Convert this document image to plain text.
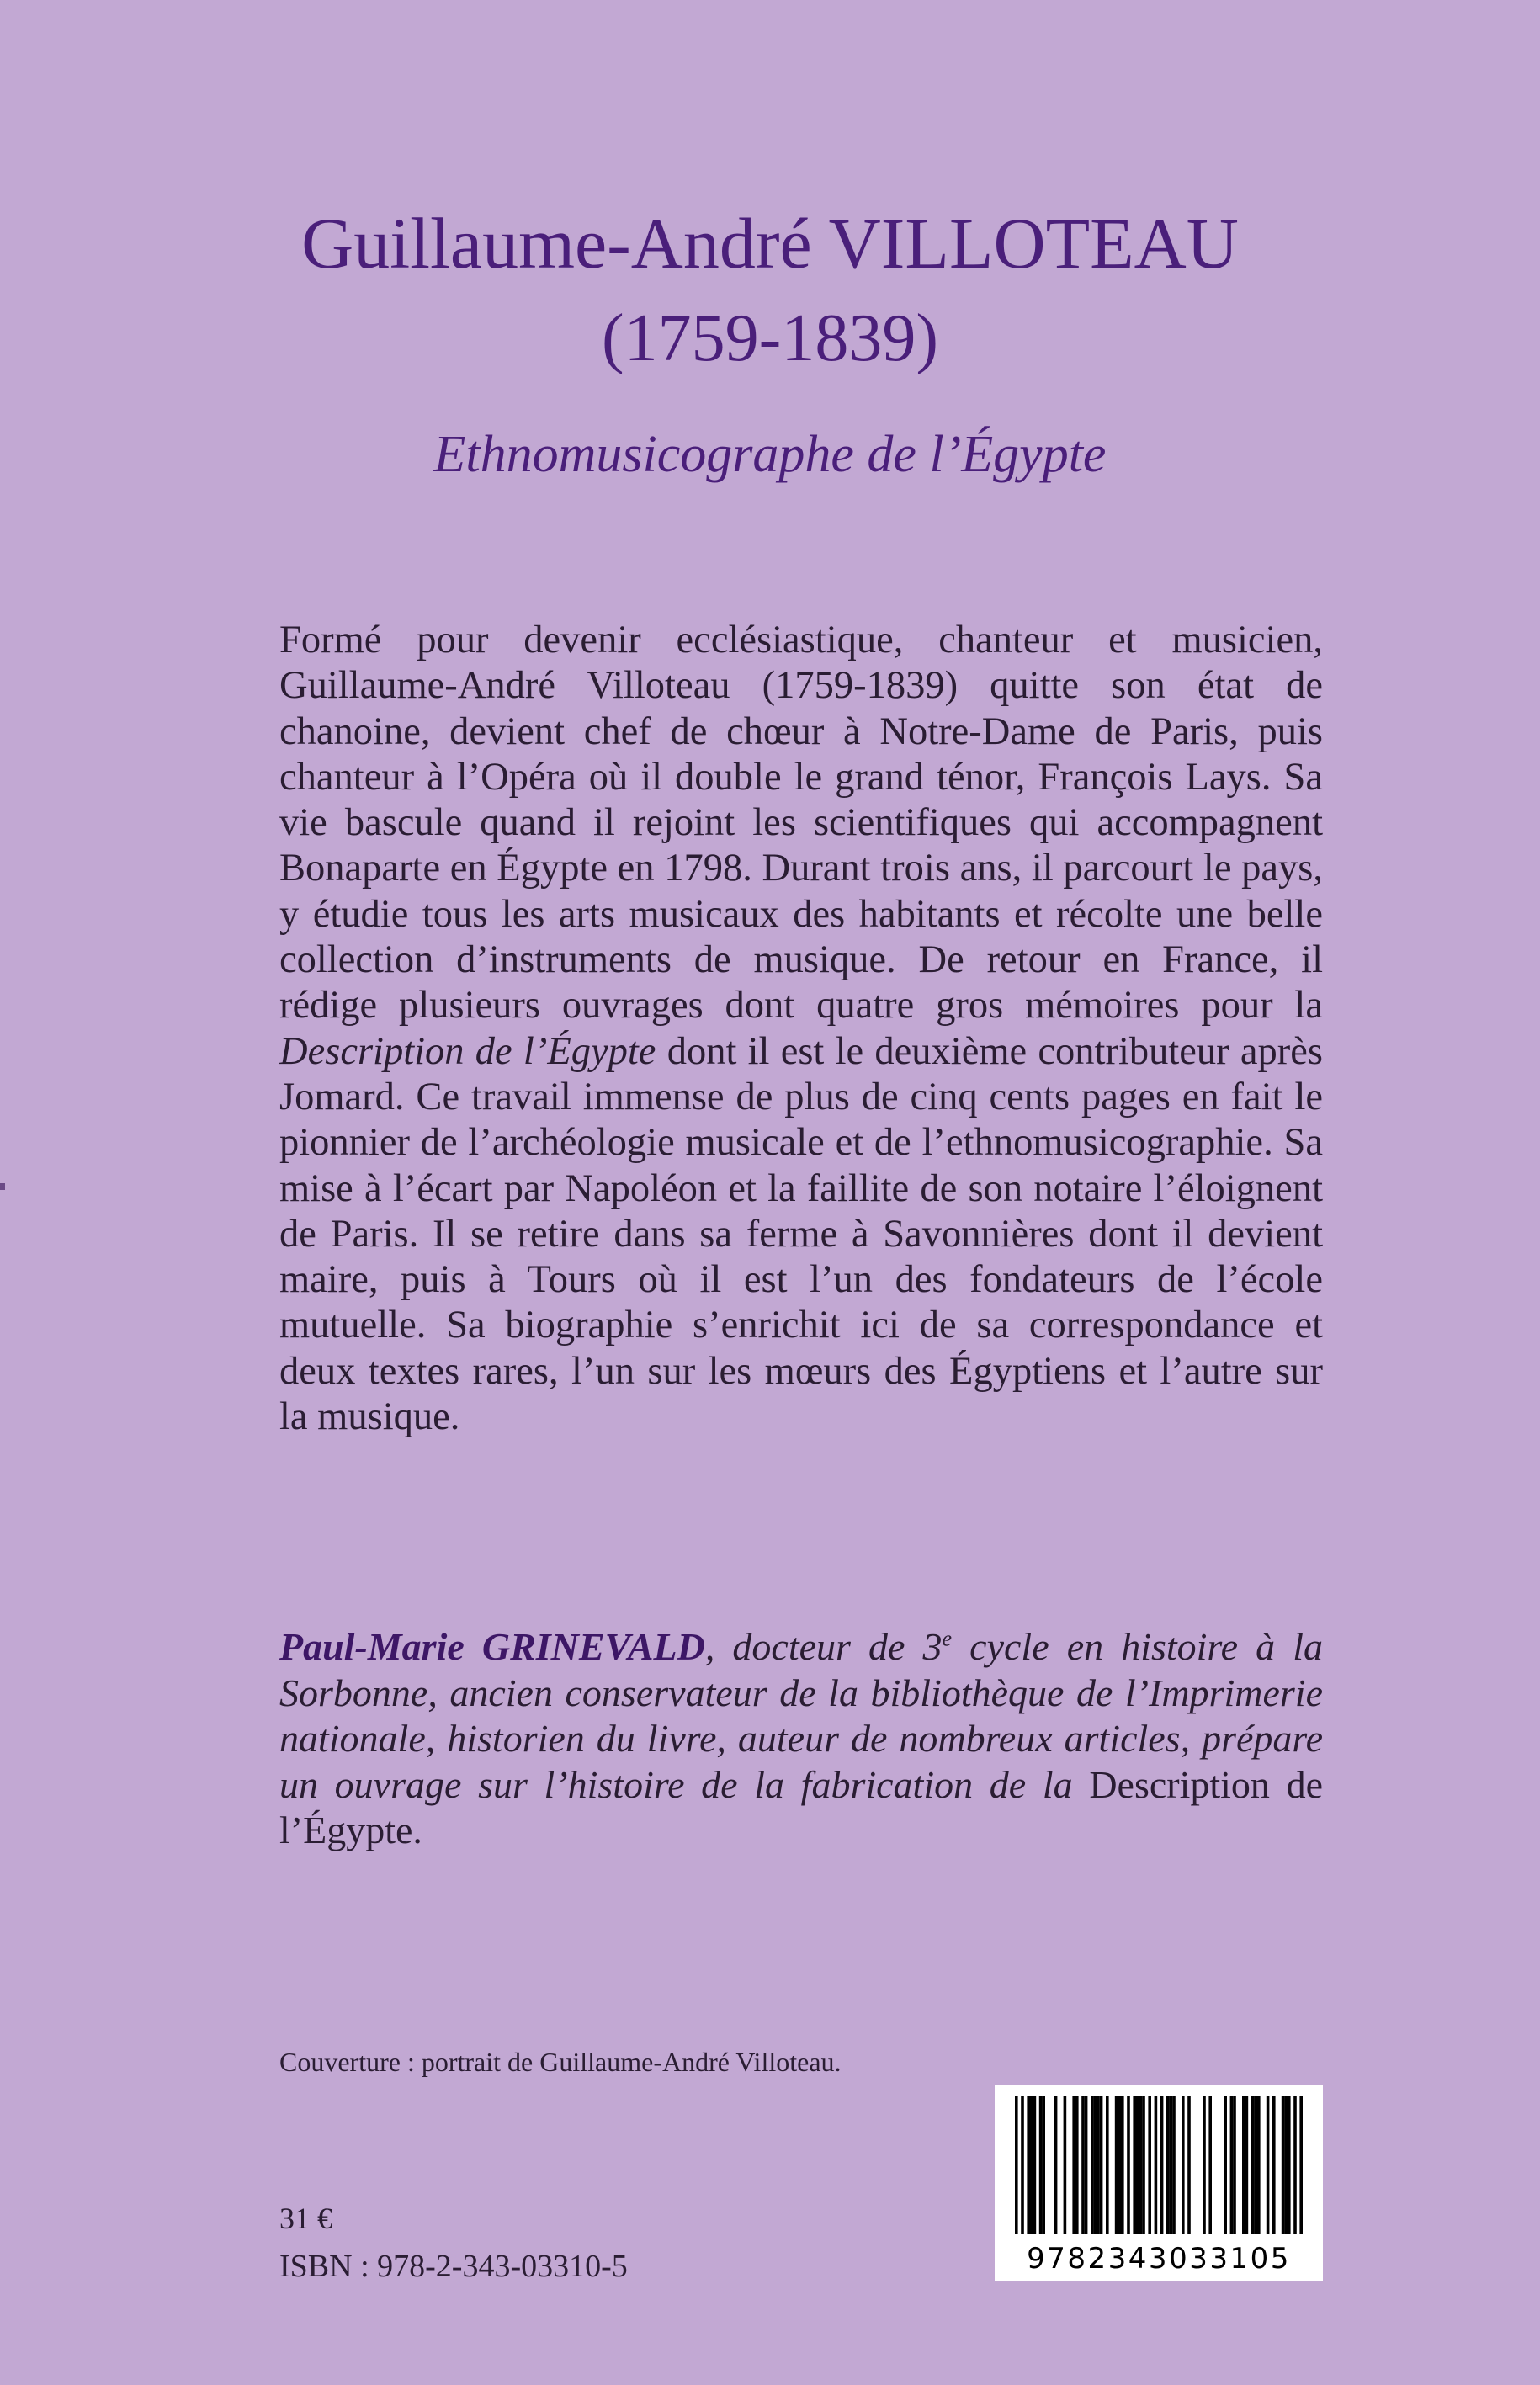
Guillaume-André VILLOTEAU
(1759-1839)
Ethnomusicographe de l’Égypte
Formé pour devenir ecclésiastique, chanteur et musicien, Guillaume-André Villoteau (1759-1839) quitte son état de chanoine, devient chef de chœur à Notre-Dame de Paris, puis chanteur à l’Opéra où il double le grand ténor, François Lays. Sa vie bascule quand il rejoint les scientifiques qui accompagnent Bonaparte en Égypte en 1798. Durant trois ans, il parcourt le pays, y étudie tous les arts musicaux des habitants et récolte une belle collection d’instruments de musique. De retour en France, il rédige plusieurs ouvrages dont quatre gros mémoires pour la Description de l’Égypte dont il est le deuxième contributeur après Jomard. Ce travail immense de plus de cinq cents pages en fait le pionnier de l’archéologie musicale et de l’ethnomusicographie. Sa mise à l’écart par Napoléon et la faillite de son notaire l’éloignent de Paris. Il se retire dans sa ferme à Savonnières dont il devient maire, puis à Tours où il est l’un des fondateurs de l’école mutuelle. Sa biographie s’enrichit ici de sa correspondance et deux textes rares, l’un sur les mœurs des Égyptiens et l’autre sur la musique.
Paul-Marie GRINEVALD, docteur de 3e cycle en histoire à la Sorbonne, ancien conservateur de la bibliothèque de l’Imprimerie nationale, historien du livre, auteur de nombreux articles, prépare un ouvrage sur l’histoire de la fabrication de la Description de l’Égypte.
Couverture : portrait de Guillaume-André Villoteau.
31 €
ISBN : 978-2-343-03310-5	9782343033105
